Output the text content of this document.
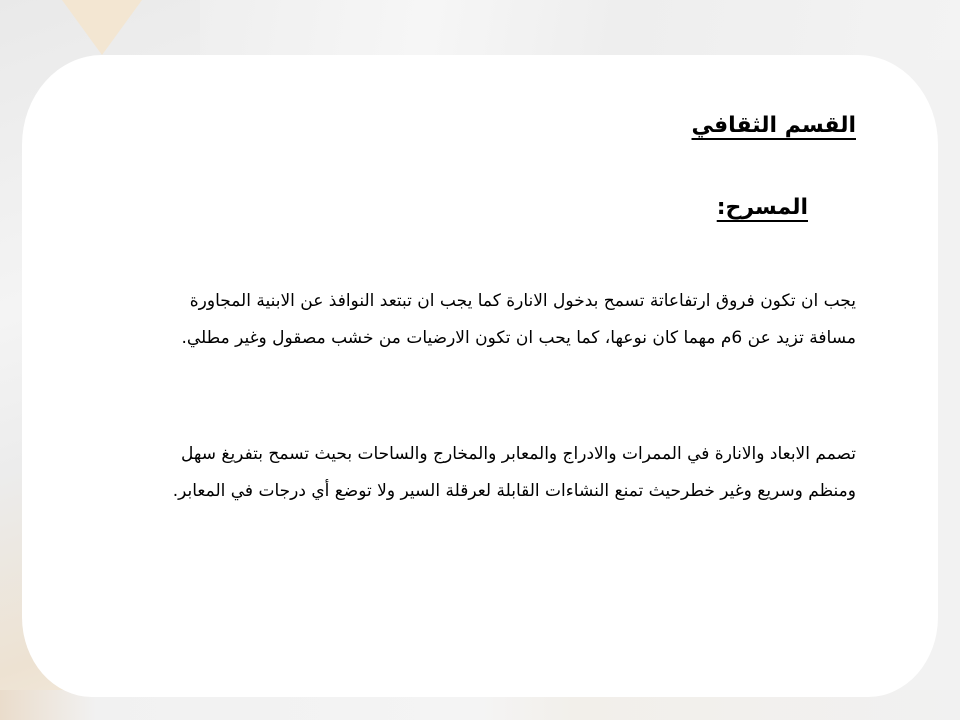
القسم الثقافي
المسرح:

يجب ان تكون فروق ارتفاعاتة تسمح بدخول الانارة كما يجب ان تبتعد النوافذ عن الابنية المجاورة مسافة تزيد عن 6م مهما كان نوعها، كما يحب ان تكون الارضيات من خشب مصقول وغير مطلي.

تصمم الابعاد والانارة في الممرات والادراج والمعابر والمخارج والساحات بحيث تسمح بتفريغ سهل ومنظم وسريع وغير خطرحيث تمنع النشاءات القابلة لعرقلة السير ولا توضع أي درجات في المعابر.
